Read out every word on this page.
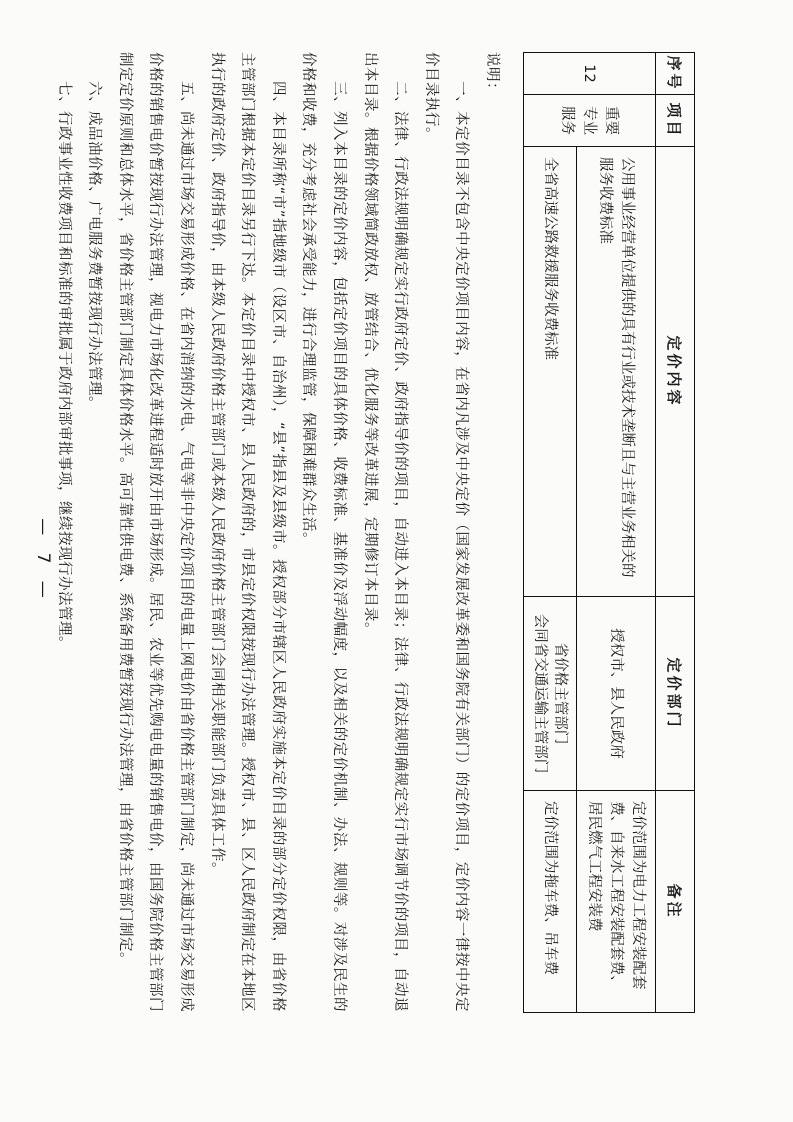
序号	项目	定价内容	定价部门	备注
12	重要专业服务	公用事业经营单位提供的具有行业或技术垄断且与主营业务相关的服务收费标准	授权市、县人民政府	定价范围为电力工程安装配套费、自来水工程安装配套费、居民燃气工程安装费
		全省高速公路救援服务收费标准	省价格主管部门
会同省交通运输主管部门	定价范围为拖车费、吊车费

说明：

一、本定价目录不包含中央定价项目内容，在省内凡涉及中央定价（国家发展改革委和国务院有关部门）的定价项目，定价内容一律按中央定价目录执行。

二、法律、行政法规明确规定实行政府定价、政府指导价的项目，自动进入本目录；法律、行政法规明确规定实行市场调节价的项目，自动退出本目录。根据价格领域简政放权、放管结合、优化服务等改革进展，定期修订本目录。

三、列入本目录的定价内容，包括定价项目的具体价格、收费标准、基准价及浮动幅度，以及相关的定价机制、办法、规则等。对涉及民生的价格和收费，充分考虑社会承受能力，进行合理监管，保障困难群众生活。

四、本目录所称“市”指地级市（设区市、自治州），“县”指县及县级市。授权部分市辖区人民政府实施本定价目录的部分定价权限，由省价格主管部门根据本定价目录另行下达。本定价目录中授权市、县人民政府的，市县定价权限按现行办法管理。授权市、县、区人民政府制定在本地区执行的政府定价、政府指导价，由本级人民政府价格主管部门或本级人民政府价格主管部门会同相关职能部门负责具体工作。

五、尚未通过市场交易形成价格、在省内消纳的水电、气电等非中央定价项目的电量上网电价由省价格主管部门制定，尚未通过市场交易形成价格的销售电价暂按现行办法管理，视电力市场化改革进程适时放开由市场形成。居民、农业等优先购电电量的销售电价，由国务院价格主管部门制定定价原则和总体水平，省价格主管部门制定具体价格水平。高可靠性供电费、系统备用费暂按现行办法管理，由省价格主管部门制定。

六、成品油价格、广电服务费暂按现行办法管理。

七、行政事业性收费项目和标准的审批属于政府内部审批事项，继续按现行办法管理。

— 7 —
